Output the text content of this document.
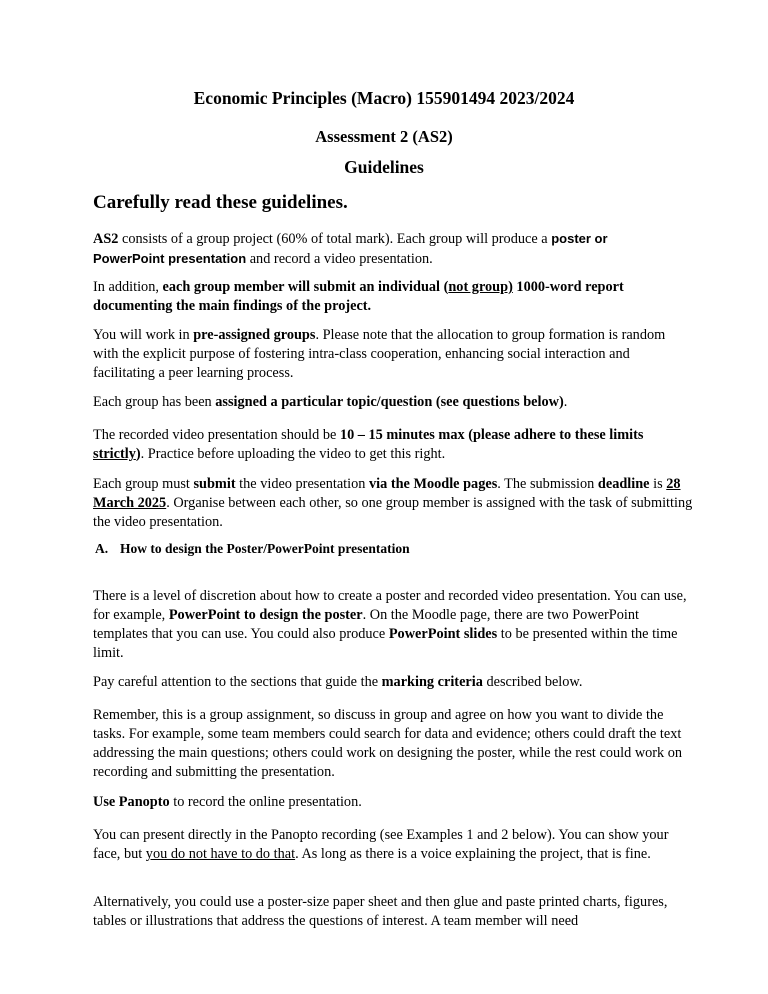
Economic Principles (Macro) 155901494 2023/2024
Assessment 2 (AS2)
Guidelines
Carefully read these guidelines.

AS2 consists of a group project (60% of total mark). Each group will produce a poster or
PowerPoint presentation and record a video presentation.

In addition, each group member will submit an individual (not group) 1000-word report documenting the main findings of the project.

You will work in pre-assigned groups. Please note that the allocation to group formation is random with the explicit purpose of fostering intra-class cooperation, enhancing social interaction and facilitating a peer learning process.

Each group has been assigned a particular topic/question (see questions below).

The recorded video presentation should be 10 – 15 minutes max (please adhere to these limits strictly). Practice before uploading the video to get this right.

Each group must submit the video presentation via the Moodle pages. The submission deadline is 28 March 2025. Organise between each other, so one group member is assigned with the task of submitting the video presentation.

A. How to design the Poster/PowerPoint presentation

There is a level of discretion about how to create a poster and recorded video presentation. You can use, for example, PowerPoint to design the poster. On the Moodle page, there are two PowerPoint templates that you can use. You could also produce PowerPoint slides to be presented within the time limit.

Pay careful attention to the sections that guide the marking criteria described below.

Remember, this is a group assignment, so discuss in group and agree on how you want to divide the tasks. For example, some team members could search for data and evidence; others could draft the text addressing the main questions; others could work on designing the poster, while the rest could work on recording and submitting the presentation.

Use Panopto to record the online presentation.

You can present directly in the Panopto recording (see Examples 1 and 2 below). You can show your face, but you do not have to do that. As long as there is a voice explaining the project, that is fine.

Alternatively, you could use a poster-size paper sheet and then glue and paste printed charts, figures, tables or illustrations that address the questions of interest. A team member will need
